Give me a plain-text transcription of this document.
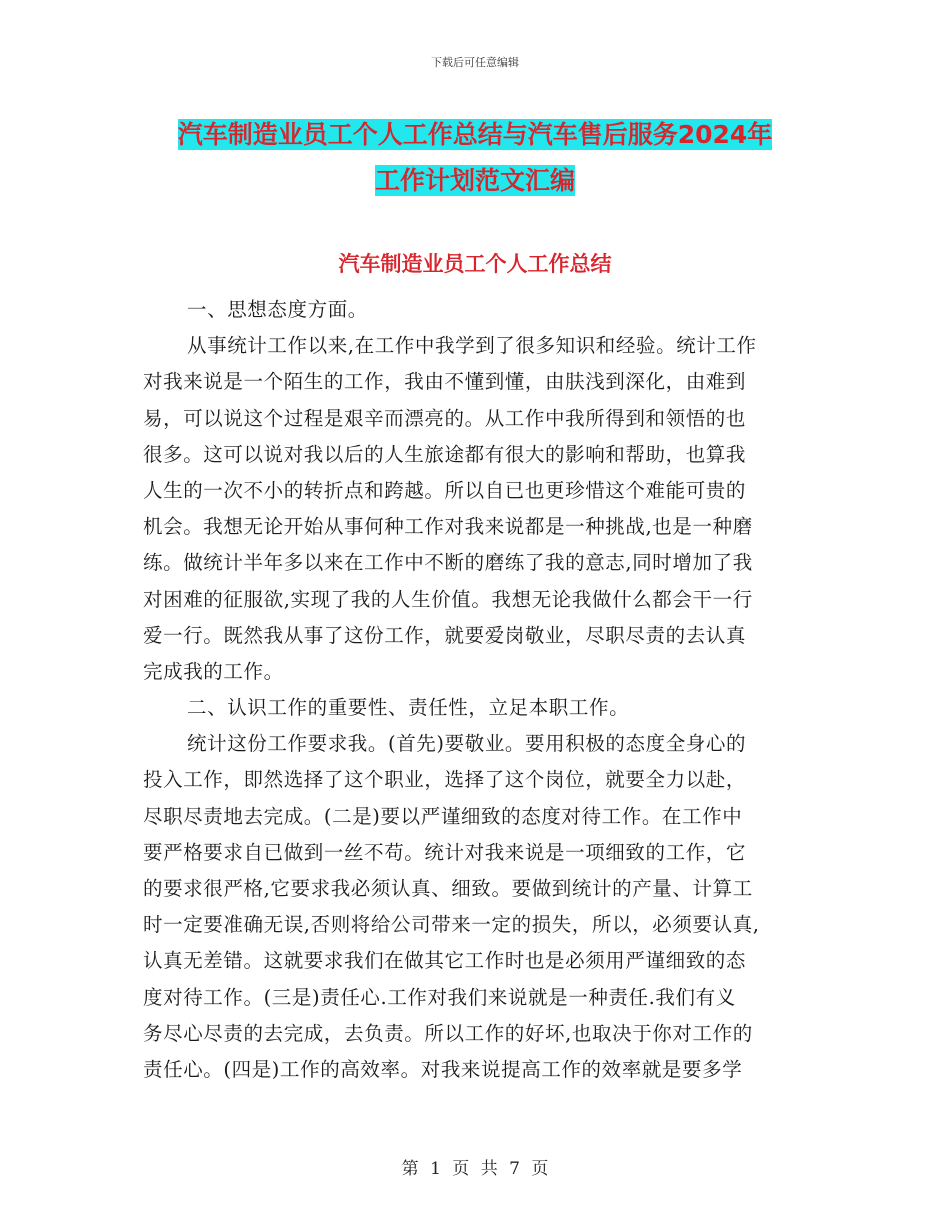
下载后可任意编辑
汽车制造业员工个人工作总结与汽车售后服务2024年
工作计划范文汇编
汽车制造业员工个人工作总结
一、思想态度方面。
从事统计工作以来,在工作中我学到了很多知识和经验。统计工作
对我来说是一个陌生的工作，我由不懂到懂，由肤浅到深化，由难到
易，可以说这个过程是艰辛而漂亮的。从工作中我所得到和领悟的也
很多。这可以说对我以后的人生旅途都有很大的影响和帮助，也算我
人生的一次不小的转折点和跨越。所以自已也更珍惜这个难能可贵的
机会。我想无论开始从事何种工作对我来说都是一种挑战,也是一种磨
练。做统计半年多以来在工作中不断的磨练了我的意志,同时增加了我
对困难的征服欲,实现了我的人生价值。我想无论我做什么都会干一行
爱一行。既然我从事了这份工作，就要爱岗敬业，尽职尽责的去认真
完成我的工作。
二、认识工作的重要性、责任性，立足本职工作。
统计这份工作要求我。(首先)要敬业。要用积极的态度全身心的
投入工作，即然选择了这个职业，选择了这个岗位，就要全力以赴，
尽职尽责地去完成。(二是)要以严谨细致的态度对待工作。在工作中
要严格要求自已做到一丝不苟。统计对我来说是一项细致的工作，它
的要求很严格,它要求我必须认真、细致。要做到统计的产量、计算工
时一定要准确无误,否则将给公司带来一定的损失，所以，必须要认真,
认真无差错。这就要求我们在做其它工作时也是必须用严谨细致的态
度对待工作。(三是)责任心.工作对我们来说就是一种责任.我们有义
务尽心尽责的去完成，去负责。所以工作的好坏,也取决于你对工作的
责任心。(四是)工作的高效率。对我来说提高工作的效率就是要多学
第 1 页 共 7 页
